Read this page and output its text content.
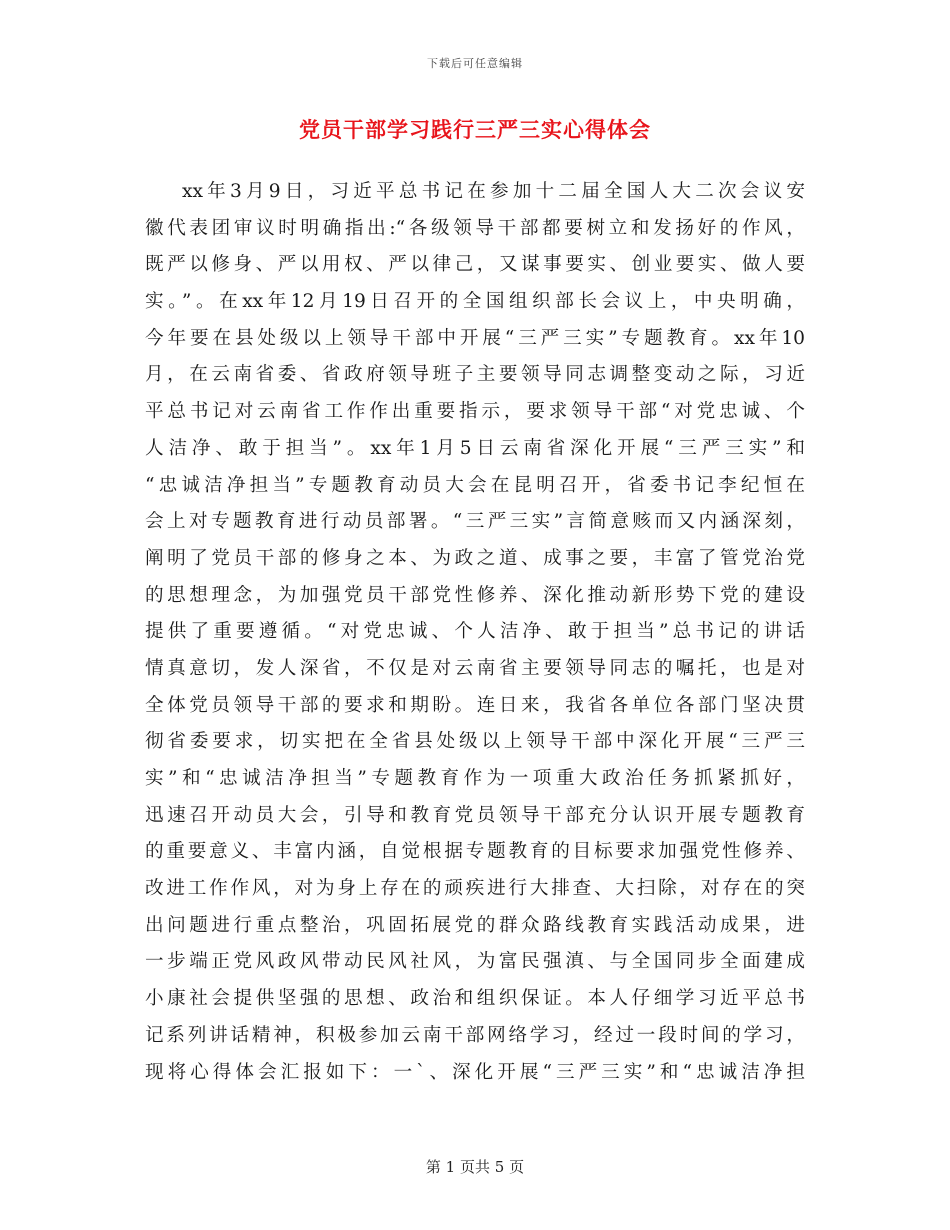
下载后可任意编辑
党员干部学习践行三严三实心得体会
xx年3月9日，习近平总书记在参加十二届全国人大二次会议安
徽代表团审议时明确指出:“各级领导干部都要树立和发扬好的作风，
既严以修身、严以用权、严以律己，又谋事要实、创业要实、做人要
实。”。在xx年12月19日召开的全国组织部长会议上，中央明确，
今年要在县处级以上领导干部中开展“三严三实”专题教育。xx年10
月，在云南省委、省政府领导班子主要领导同志调整变动之际，习近
平总书记对云南省工作作出重要指示，要求领导干部“对党忠诚、个
人洁净、敢于担当”。xx年1月5日云南省深化开展“三严三实”和
“忠诚洁净担当”专题教育动员大会在昆明召开，省委书记李纪恒在
会上对专题教育进行动员部署。“三严三实”言简意赅而又内涵深刻，
阐明了党员干部的修身之本、为政之道、成事之要，丰富了管党治党
的思想理念，为加强党员干部党性修养、深化推动新形势下党的建设
提供了重要遵循。“对党忠诚、个人洁净、敢于担当”总书记的讲话
情真意切，发人深省，不仅是对云南省主要领导同志的嘱托，也是对
全体党员领导干部的要求和期盼。连日来，我省各单位各部门坚决贯
彻省委要求，切实把在全省县处级以上领导干部中深化开展“三严三
实”和“忠诚洁净担当”专题教育作为一项重大政治任务抓紧抓好，
迅速召开动员大会，引导和教育党员领导干部充分认识开展专题教育
的重要意义、丰富内涵，自觉根据专题教育的目标要求加强党性修养、
改进工作作风，对为身上存在的顽疾进行大排查、大扫除，对存在的突
出问题进行重点整治，巩固拓展党的群众路线教育实践活动成果，进
一步端正党风政风带动民风社风，为富民强滇、与全国同步全面建成
小康社会提供坚强的思想、政治和组织保证。本人仔细学习近平总书
记系列讲话精神，积极参加云南干部网络学习，经过一段时间的学习，
现将心得体会汇报如下：一`、深化开展“三严三实”和“忠诚洁净担
第 1 页共 5 页
